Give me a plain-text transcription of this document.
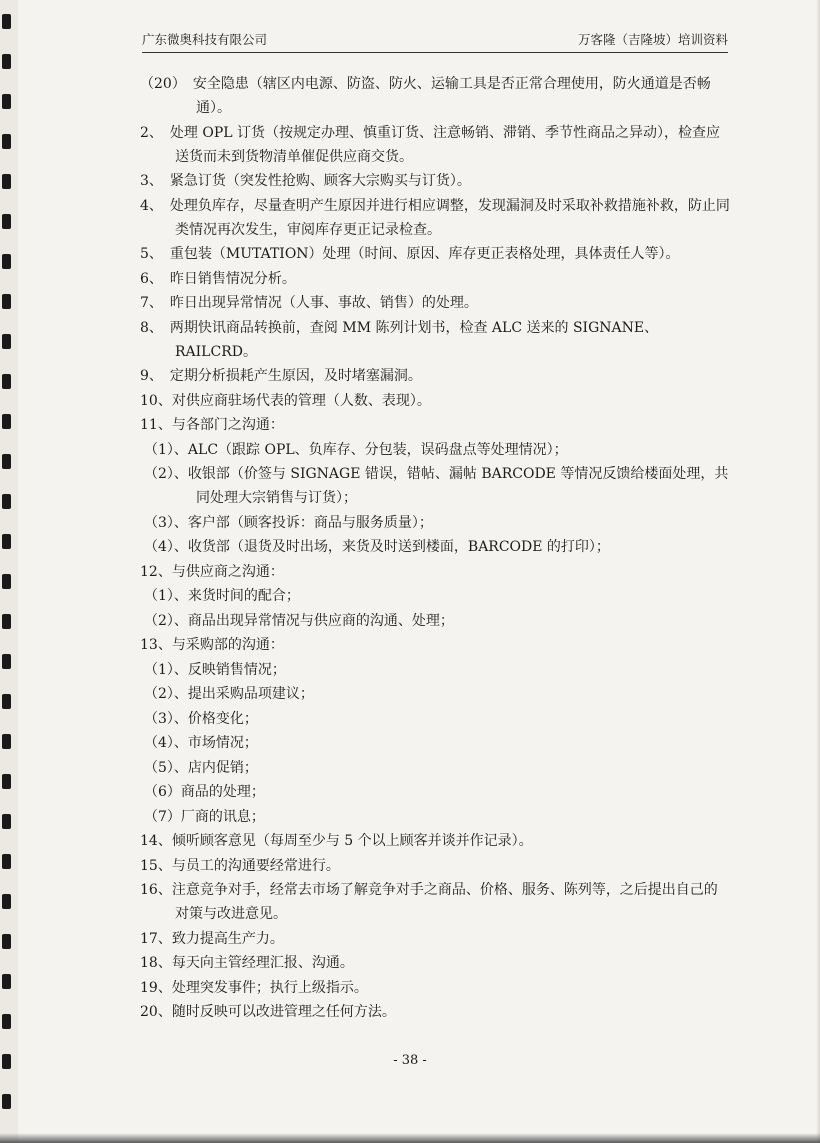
广东微奥科技有限公司	万客隆（吉隆坡）培训资料
（20）　安全隐患（辖区内电源、防盗、防火、运输工具是否正常合理使用，防火通道是否畅通）。
2、　处理 OPL 订货（按规定办理、慎重订货、注意畅销、滞销、季节性商品之异动），检查应送货而未到货物清单催促供应商交货。
3、　紧急订货（突发性抢购、顾客大宗购买与订货）。
4、　处理负库存，尽量查明产生原因并进行相应调整，发现漏洞及时采取补救措施补救，防止同类情况再次发生，审阅库存更正记录检查。
5、　重包装（MUTATION）处理（时间、原因、库存更正表格处理，具体责任人等）。
6、　昨日销售情况分析。
7、　昨日出现异常情况（人事、事故、销售）的处理。
8、　两期快讯商品转换前，查阅 MM 陈列计划书，检查 ALC 送来的 SIGNANE、RAILCRD。
9、　定期分析损耗产生原因，及时堵塞漏洞。
10、对供应商驻场代表的管理（人数、表现）。
11、与各部门之沟通：
（1）、ALC（跟踪 OPL、负库存、分包装，误码盘点等处理情况）；
（2）、收银部（价签与 SIGNAGE 错误，错帖、漏帖 BARCODE 等情况反馈给楼面处理，共同处理大宗销售与订货）；
（3）、客户部（顾客投诉：商品与服务质量）；
（4）、收货部（退货及时出场，来货及时送到楼面，BARCODE 的打印）；
12、与供应商之沟通：
（1）、来货时间的配合；
（2）、商品出现异常情况与供应商的沟通、处理；
13、与采购部的沟通：
（1）、反映销售情况；
（2）、提出采购品项建议；
（3）、价格变化；
（4）、市场情况；
（5）、店内促销；
（6）商品的处理；
（7）厂商的讯息；
14、倾听顾客意见（每周至少与 5 个以上顾客并谈并作记录）。
15、与员工的沟通要经常进行。
16、注意竞争对手，经常去市场了解竞争对手之商品、价格、服务、陈列等，之后提出自己的对策与改进意见。
17、致力提高生产力。
18、每天向主管经理汇报、沟通。
19、处理突发事件；执行上级指示。
20、随时反映可以改进管理之任何方法。
- 38 -
